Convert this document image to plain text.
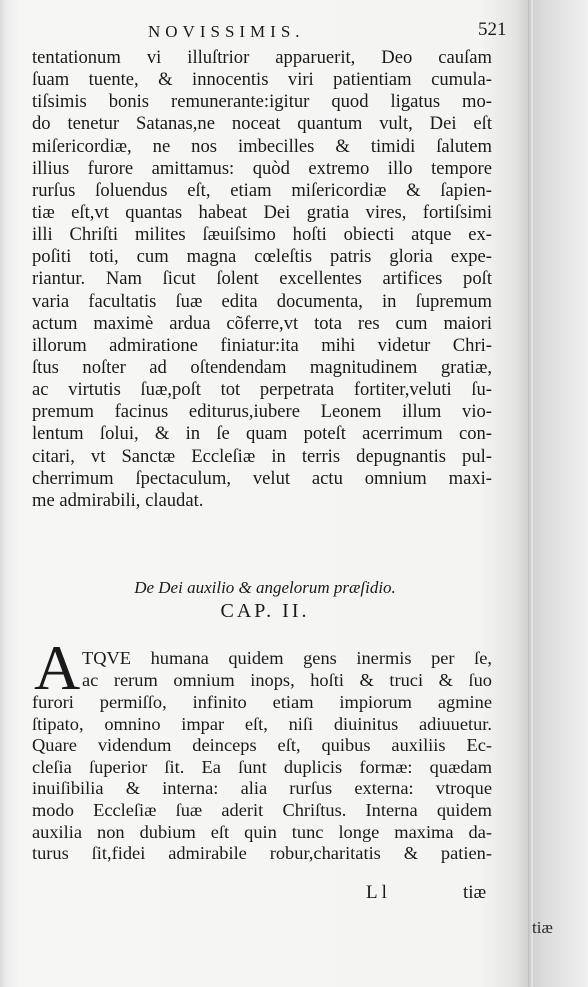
NOVISSIMIS.	521
tentationum vi illuſtrior apparuerit, Deo cauſam
ſuam tuente, & innocentis viri patientiam cumula-
tiſsimis bonis remunerante:igitur quod ligatus mo-
do tenetur Satanas,ne noceat quantum vult, Dei eſt
miſericordiæ, ne nos imbecilles & timidi ſalutem
illius furore amittamus: quòd extremo illo tempore
rurſus ſoluendus eſt, etiam miſericordiæ & ſapien-
tiæ eſt,vt quantas habeat Dei gratia vires, fortiſsimi
illi Chriſti milites ſæuiſsimo hoſti obiecti atque ex-
poſiti toti, cum magna cœleſtis patris gloria expe-
riantur. Nam ſicut ſolent excellentes artifices poſt
varia facultatis ſuæ edita documenta, in ſupremum
actum maximè ardua cõferre,vt tota res cum maiori
illorum admiratione finiatur:ita mihi videtur Chri-
ſtus noſter ad oſtendendam magnitudinem gratiæ,
ac virtutis ſuæ,poſt tot perpetrata fortiter,veluti ſu-
premum facinus editurus,iubere Leonem illum vio-
lentum ſolui, & in ſe quam poteſt acerrimum con-
citari, vt Sanctæ Eccleſiæ in terris depugnantis pul-
cherrimum ſpectaculum, velut actu omnium maxi-
me admirabili, claudat.
De Dei auxilio & angelorum præſidio.
CAP. II.
A TQVE humana quidem gens inermis per ſe,
ac rerum omnium inops, hoſti & truci & ſuo
furori permiſſo, infinito etiam impiorum agmine
ſtipato, omnino impar eſt, niſi diuinitus adiuuetur.
Quare videndum deinceps eſt, quibus auxiliis Ec-
cleſia ſuperior ſit. Ea ſunt duplicis formæ: quædam
inuiſibilia & interna: alia rurſus externa: vtroque
modo Eccleſiæ ſuæ aderit Chriſtus. Interna quidem
auxilia non dubium eſt quin tunc longe maxima da-
turus ſit,fidei admirabile robur,charitatis & patien-
Ll	tiæ
tiæ
